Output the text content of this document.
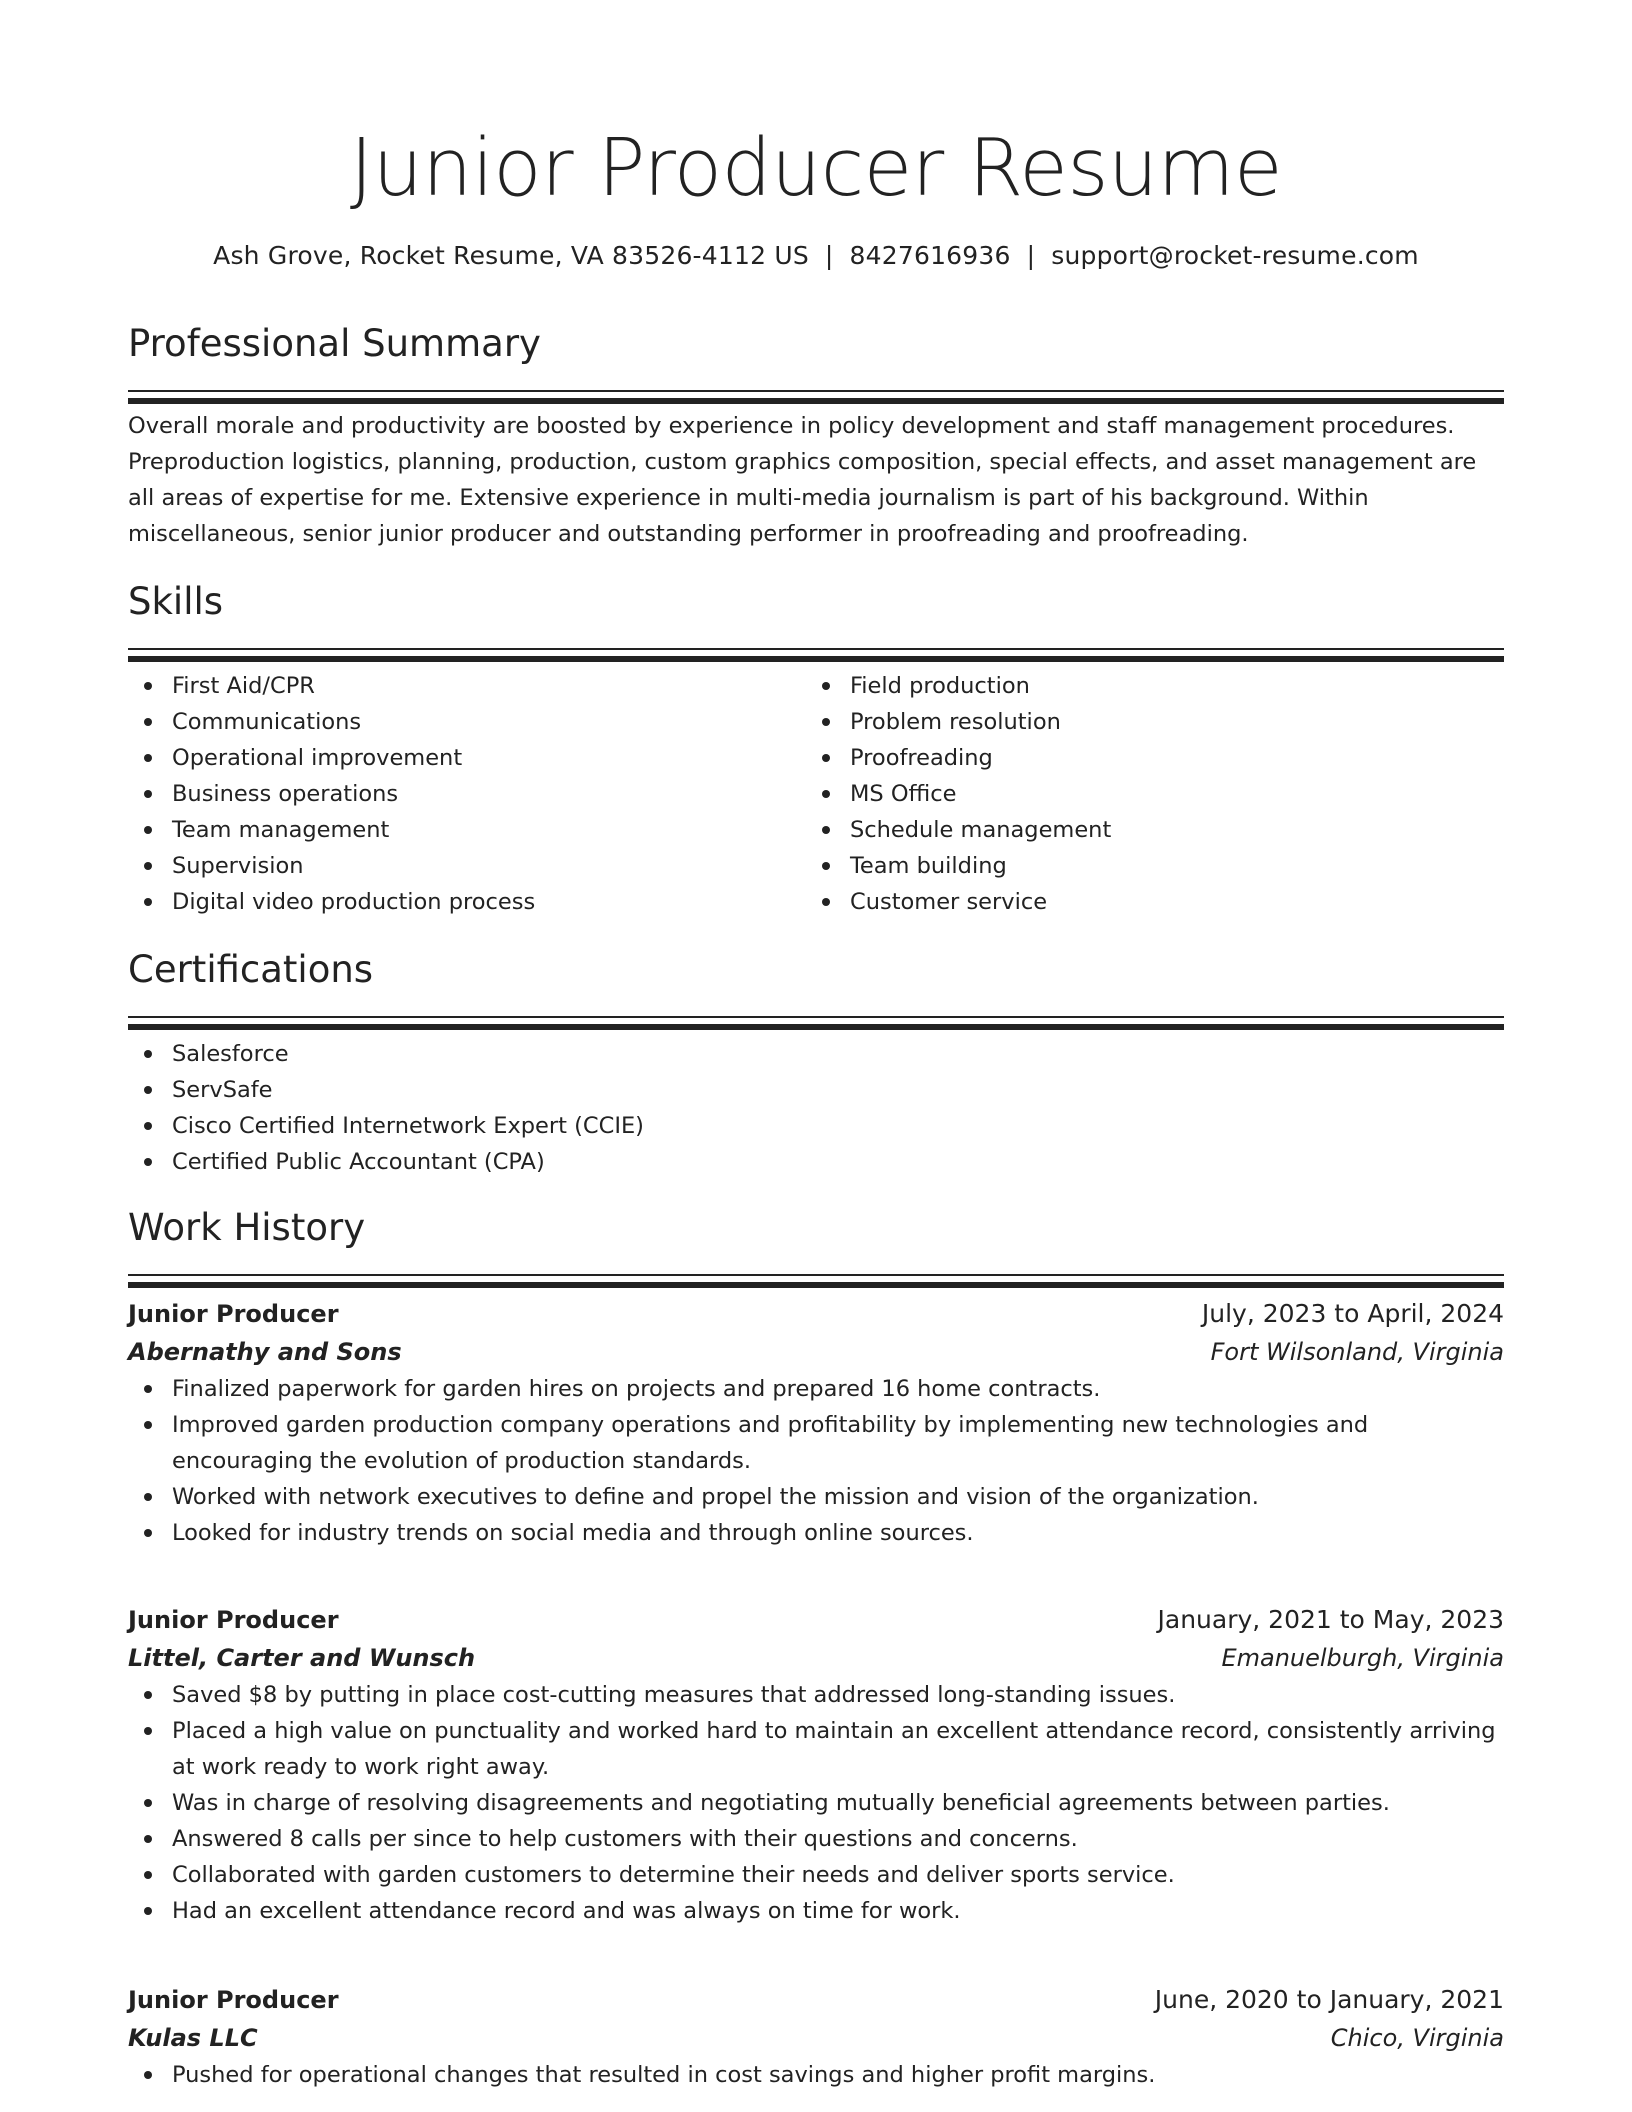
Junior Producer Resume
Ash Grove, Rocket Resume, VA 83526-4112 US | 8427616936 | support@rocket-resume.com
Professional Summary
Overall morale and productivity are boosted by experience in policy development and staff management procedures. Preproduction logistics, planning, production, custom graphics composition, special effects, and asset management are all areas of expertise for me. Extensive experience in multi-media journalism is part of his background. Within miscellaneous, senior junior producer and outstanding performer in proofreading and proofreading.
Skills
First Aid/CPR
Communications
Operational improvement
Business operations
Team management
Supervision
Digital video production process
Field production
Problem resolution
Proofreading
MS Office
Schedule management
Team building
Customer service
Certifications
Salesforce
ServSafe
Cisco Certified Internetwork Expert (CCIE)
Certified Public Accountant (CPA)
Work History
Junior Producer	July, 2023 to April, 2024
Abernathy and Sons	Fort Wilsonland, Virginia
Finalized paperwork for garden hires on projects and prepared 16 home contracts.
Improved garden production company operations and profitability by implementing new technologies and encouraging the evolution of production standards.
Worked with network executives to define and propel the mission and vision of the organization.
Looked for industry trends on social media and through online sources.
Junior Producer	January, 2021 to May, 2023
Littel, Carter and Wunsch	Emanuelburgh, Virginia
Saved $8 by putting in place cost-cutting measures that addressed long-standing issues.
Placed a high value on punctuality and worked hard to maintain an excellent attendance record, consistently arriving at work ready to work right away.
Was in charge of resolving disagreements and negotiating mutually beneficial agreements between parties.
Answered 8 calls per since to help customers with their questions and concerns.
Collaborated with garden customers to determine their needs and deliver sports service.
Had an excellent attendance record and was always on time for work.
Junior Producer	June, 2020 to January, 2021
Kulas LLC	Chico, Virginia
Pushed for operational changes that resulted in cost savings and higher profit margins.
